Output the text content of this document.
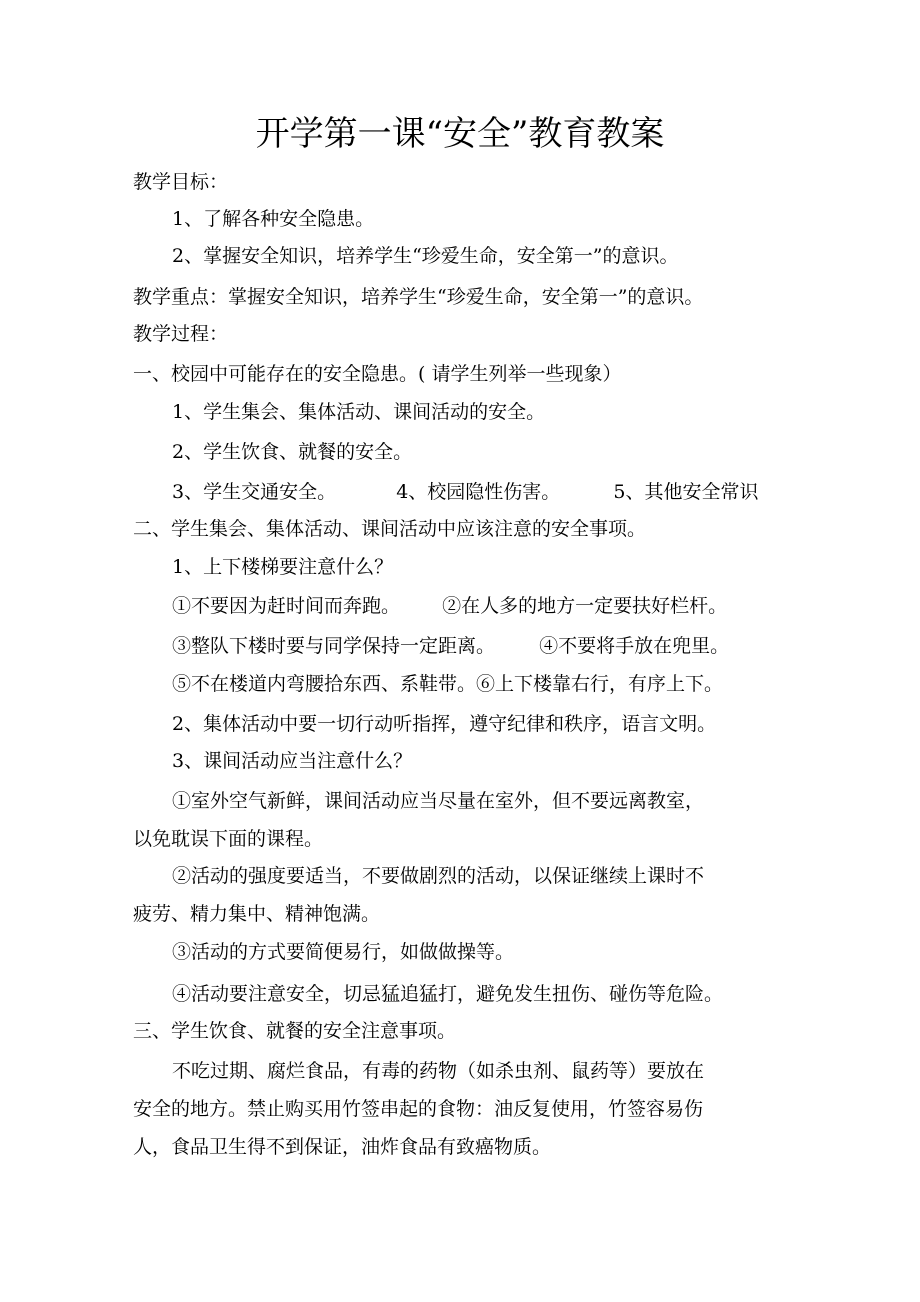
开学第一课“安全”教育教案
教学目标：
1、了解各种安全隐患。
2、掌握安全知识，培养学生“珍爱生命，安全第一”的意识。
教学重点：掌握安全知识，培养学生“珍爱生命，安全第一”的意识。
教学过程：
一、校园中可能存在的安全隐患。( 请学生列举一些现象）
1、学生集会、集体活动、课间活动的安全。
2、学生饮食、就餐的安全。
3、学生交通安全。	4、校园隐性伤害。	5、其他安全常识
二、学生集会、集体活动、课间活动中应该注意的安全事项。
1、上下楼梯要注意什么？
①不要因为赶时间而奔跑。 ②在人多的地方一定要扶好栏杆。
③整队下楼时要与同学保持一定距离。 ④不要将手放在兜里。
⑤不在楼道内弯腰拾东西、系鞋带。⑥上下楼靠右行，有序上下。
2、集体活动中要一切行动听指挥，遵守纪律和秩序，语言文明。
3、课间活动应当注意什么？
①室外空气新鲜，课间活动应当尽量在室外，但不要远离教室，
以免耽误下面的课程。
②活动的强度要适当，不要做剧烈的活动，以保证继续上课时不
疲劳、精力集中、精神饱满。
③活动的方式要简便易行，如做做操等。
④活动要注意安全，切忌猛追猛打，避免发生扭伤、碰伤等危险。
三、学生饮食、就餐的安全注意事项。
不吃过期、腐烂食品，有毒的药物（如杀虫剂、鼠药等）要放在
安全的地方。禁止购买用竹签串起的食物：油反复使用，竹签容易伤
人，食品卫生得不到保证，油炸食品有致癌物质。
